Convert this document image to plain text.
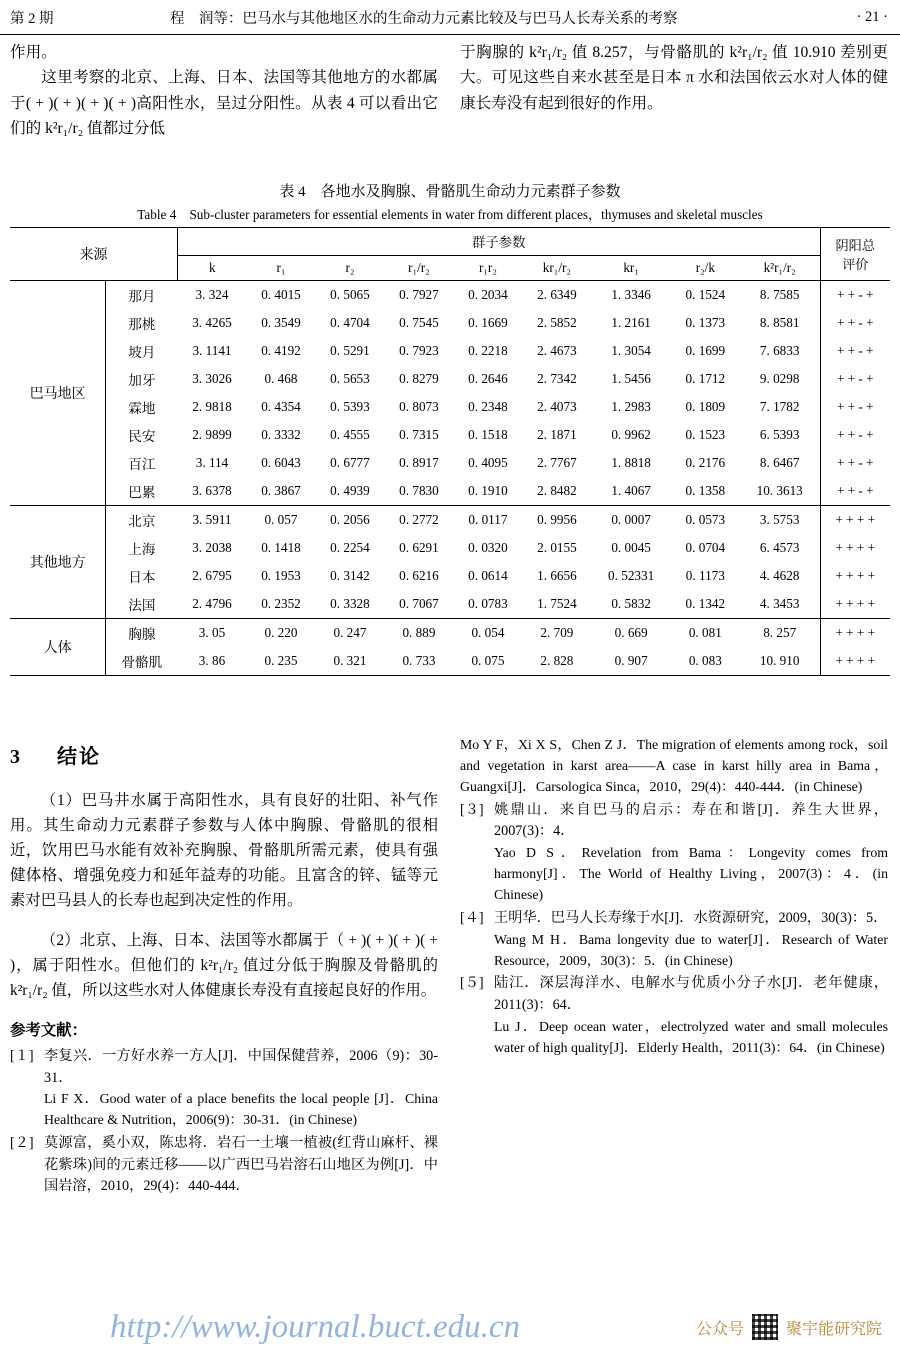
第 2 期	程　润等：巴马水与其他地区水的生命动力元素比较及与巴马人长寿关系的考察	· 21 ·

作用。

这里考察的北京、上海、日本、法国等其他地方的水都属于( + )( + )( + )( + )高阳性水，呈过分阳性。从表 4 可以看出它们的 k²r₁/r₂ 值都过分低

于胸腺的 k²r₁/r₂ 值 8.257，与骨骼肌的 k²r₁/r₂ 值 10.910 差别更大。可见这些自来水甚至是日本 π 水和法国依云水对人体的健康长寿没有起到很好的作用。

表 4　各地水及胸腺、骨骼肌生命动力元素群子参数
Table 4　Sub-cluster parameters for essential elements in water from different places，thymuses and skeletal muscles
来源		群子参数									阴阳总
评价

		k	r₁	r₂	r₁/r₂	r₁r₂	kr₁/r₂	kr₁	r₂/k	k²r₁/r₂	
巴马地区	那月	3. 324	0. 4015	0. 5065	0. 7927	0. 2034	2. 6349	1. 3346	0. 1524	8. 7585	+ + - +
	那桃	3. 4265	0. 3549	0. 4704	0. 7545	0. 1669	2. 5852	1. 2161	0. 1373	8. 8581	+ + - +
	坡月	3. 1141	0. 4192	0. 5291	0. 7923	0. 2218	2. 4673	1. 3054	0. 1699	7. 6833	+ + - +
	加牙	3. 3026	0. 468	0. 5653	0. 8279	0. 2646	2. 7342	1. 5456	0. 1712	9. 0298	+ + - +
	霖地	2. 9818	0. 4354	0. 5393	0. 8073	0. 2348	2. 4073	1. 2983	0. 1809	7. 1782	+ + - +
	民安	2. 9899	0. 3332	0. 4555	0. 7315	0. 1518	2. 1871	0. 9962	0. 1523	6. 5393	+ + - +
	百江	3. 114	0. 6043	0. 6777	0. 8917	0. 4095	2. 7767	1. 8818	0. 2176	8. 6467	+ + - +
	巴累	3. 6378	0. 3867	0. 4939	0. 7830	0. 1910	2. 8482	1. 4067	0. 1358	10. 3613	+ + - +
其他地方	北京	3. 5911	0. 057	0. 2056	0. 2772	0. 0117	0. 9956	0. 0007	0. 0573	3. 5753	+ + + +
	上海	3. 2038	0. 1418	0. 2254	0. 6291	0. 0320	2. 0155	0. 0045	0. 0704	6. 4573	+ + + +
	日本	2. 6795	0. 1953	0. 3142	0. 6216	0. 0614	1. 6656	0. 52331	0. 1173	4. 4628	+ + + +
	法国	2. 4796	0. 2352	0. 3328	0. 7067	0. 0783	1. 7524	0. 5832	0. 1342	4. 3453	+ + + +
人体	胸腺	3. 05	0. 220	0. 247	0. 889	0. 054	2. 709	0. 669	0. 081	8. 257	+ + + +
	骨骼肌	3. 86	0. 235	0. 321	0. 733	0. 075	2. 828	0. 907	0. 083	10. 910	+ + + +
3 结论

（1）巴马井水属于高阳性水，具有良好的壮阳、补气作用。其生命动力元素群子参数与人体中胸腺、骨骼肌的很相近，饮用巴马水能有效补充胸腺、骨骼肌所需元素，使具有强健体格、增强免疫力和延年益寿的功能。且富含的锌、锰等元素对巴马县人的长寿也起到决定性的作用。

（2）北京、上海、日本、法国等水都属于（ + )( + )( + )( + )，属于阳性水。但他们的 k²r₁/r₂ 值过分低于胸腺及骨骼肌的 k²r₁/r₂ 值，所以这些水对人体健康长寿没有直接起良好的作用。

参考文献：
[１] 李复兴．一方好水养一方人[J]．中国保健营养，2006（9)：30-31．
Li F X．Good water of a place benefits the local people [J]．China Healthcare & Nutrition，2006(9)：30-31．(in Chinese)
[２] 莫源富，奚小双，陈忠将．岩石一土壤一植被(红背山麻杆、裸花紫珠)间的元素迁移——以广西巴马岩溶石山地区为例[J]．中国岩溶，2010，29(4)：440-444．
Mo Y F，Xi X S，Chen Z J．The migration of elements among rock，soil and vegetation in karst area——A case in karst hilly area in Bama，Guangxi[J]．Carsologica Sinca，2010，29(4)：440-444．(in Chinese)
[３] 姚鼎山．来自巴马的启示：寿在和谐[J]．养生大世界，2007(3)：4．
Yao D S．Revelation from Bama：Longevity comes from harmony[J]．The World of Healthy Living，2007(3)：4．(in Chinese)
[４] 王明华．巴马人长寿缘于水[J]．水资源研究，2009，30(3)：5．
Wang M H．Bama longevity due to water[J]．Research of Water Resource，2009，30(3)：5．(in Chinese)
[５] 陆江．深层海洋水、电解水与优质小分子水[J]．老年健康，2011(3)：64．
Lu J．Deep ocean water，electrolyzed water and small molecules water of high quality[J]．Elderly Health，2011(3)：64．(in Chinese)
http://www.journal.buct.edu.cn	公众号	聚宇能研究院
